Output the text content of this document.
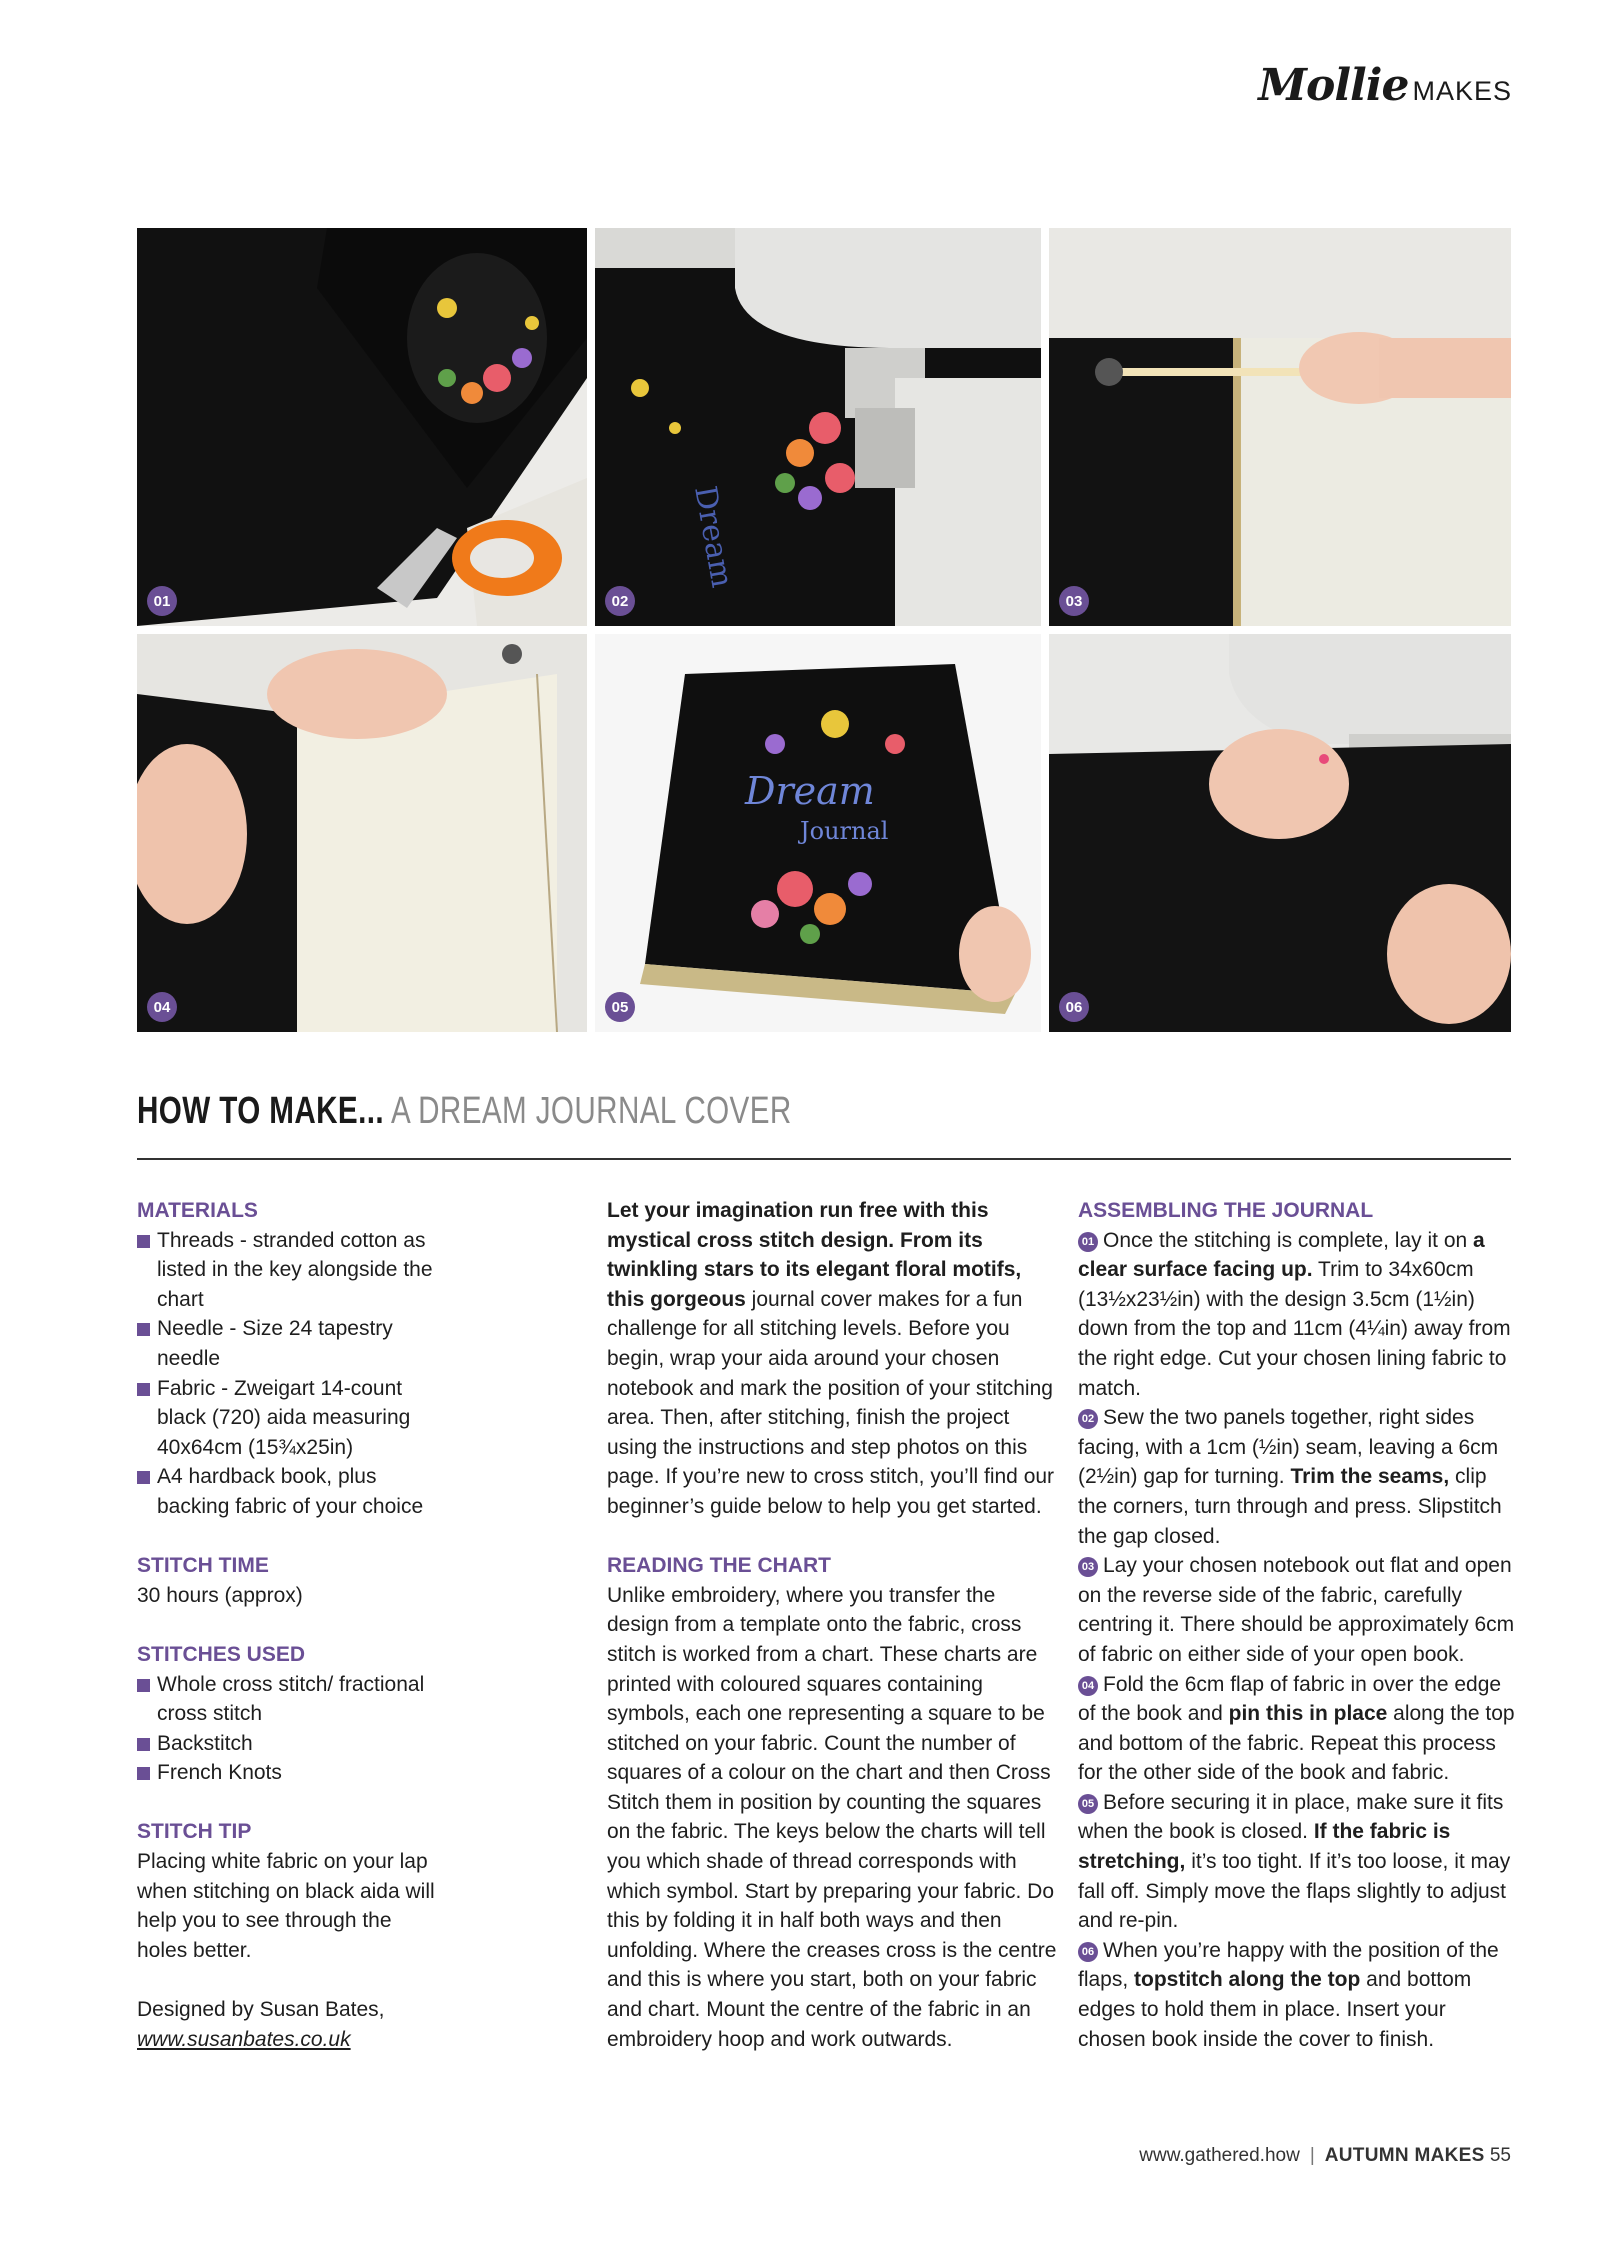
Mollie MAKES
01
Dream
02	03
04
Dream
Journal
05	06
HOW TO MAKE... A DREAM JOURNAL COVER
MATERIALS
Threads - stranded cotton as listed in the key alongside the chart
Needle - Size 24 tapestry needle
Fabric - Zweigart 14-count black (720) aida measuring 40x64cm (15¾x25in)
A4 hardback book, plus backing fabric of your choice
STITCH TIME
30 hours (approx)
STITCHES USED
Whole cross stitch/ fractional cross stitch
Backstitch
French Knots
STITCH TIP
Placing white fabric on your lap when stitching on black aida will help you to see through the holes better.
Designed by Susan Bates,
www.susanbates.co.uk
Let your imagination run free with this mystical cross stitch design. From its twinkling stars to its elegant floral motifs, this gorgeous journal cover makes for a fun challenge for all stitching levels. Before you begin, wrap your aida around your chosen notebook and mark the position of your stitching area. Then, after stitching, finish the project using the instructions and step photos on this page. If you’re new to cross stitch, you’ll find our beginner’s guide below to help you get started.
READING THE CHART
Unlike embroidery, where you transfer the design from a template onto the fabric, cross stitch is worked from a chart. These charts are printed with coloured squares containing symbols, each one representing a square to be stitched on your fabric. Count the number of squares of a colour on the chart and then Cross Stitch them in position by counting the squares on the fabric. The keys below the charts will tell you which shade of thread corresponds with which symbol. Start by preparing your fabric. Do this by folding it in half both ways and then unfolding. Where the creases cross is the centre and this is where you start, both on your fabric and chart. Mount the centre of the fabric in an embroidery hoop and work outwards.
ASSEMBLING THE JOURNAL
01 Once the stitching is complete, lay it on a clear surface facing up. Trim to 34x60cm (13½x23½in) with the design 3.5cm (1½in) down from the top and 11cm (4¼in) away from the right edge. Cut your chosen lining fabric to match.
02 Sew the two panels together, right sides facing, with a 1cm (½in) seam, leaving a 6cm (2½in) gap for turning. Trim the seams, clip the corners, turn through and press. Slipstitch the gap closed.
03 Lay your chosen notebook out flat and open on the reverse side of the fabric, carefully centring it. There should be approximately 6cm of fabric on either side of your open book.
04 Fold the 6cm flap of fabric in over the edge of the book and pin this in place along the top and bottom of the fabric. Repeat this process for the other side of the book and fabric.
05 Before securing it in place, make sure it fits when the book is closed. If the fabric is stretching, it’s too tight. If it’s too loose, it may fall off. Simply move the flaps slightly to adjust and re-pin.
06 When you’re happy with the position of the flaps, topstitch along the top and bottom edges to hold them in place. Insert your chosen book inside the cover to finish.
www.gathered.how | AUTUMN MAKES 55
